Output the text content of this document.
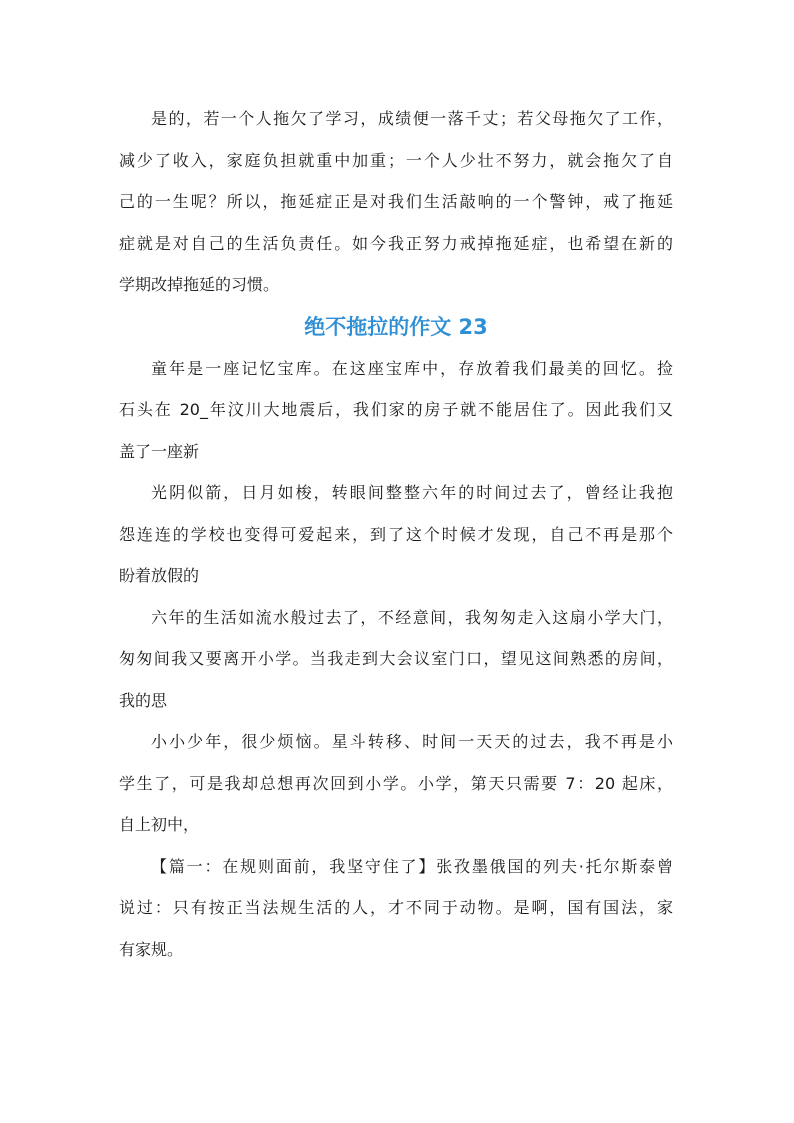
是的，若一个人拖欠了学习，成绩便一落千丈；若父母拖欠了工作，
减少了收入，家庭负担就重中加重；一个人少壮不努力，就会拖欠了自
己的一生呢？所以，拖延症正是对我们生活敲响的一个警钟，戒了拖延
症就是对自己的生活负责任。如今我正努力戒掉拖延症，也希望在新的
学期改掉拖延的习惯。

绝不拖拉的作文 23

童年是一座记忆宝库。在这座宝库中，存放着我们最美的回忆。捡
石头在 20_年汶川大地震后，我们家的房子就不能居住了。因此我们又
盖了一座新

光阴似箭，日月如梭，转眼间整整六年的时间过去了，曾经让我抱
怨连连的学校也变得可爱起来，到了这个时候才发现，自己不再是那个
盼着放假的

六年的生活如流水般过去了，不经意间，我匆匆走入这扇小学大门，
匆匆间我又要离开小学。当我走到大会议室门口，望见这间熟悉的房间，
我的思

小小少年，很少烦恼。星斗转移、时间一天天的过去，我不再是小
学生了，可是我却总想再次回到小学。小学，第天只需要 7：20 起床，
自上初中，

【篇一：在规则面前，我坚守住了】张孜墨俄国的列夫·托尔斯泰曾
说过：只有按正当法规生活的人，才不同于动物。是啊，国有国法，家
有家规。
